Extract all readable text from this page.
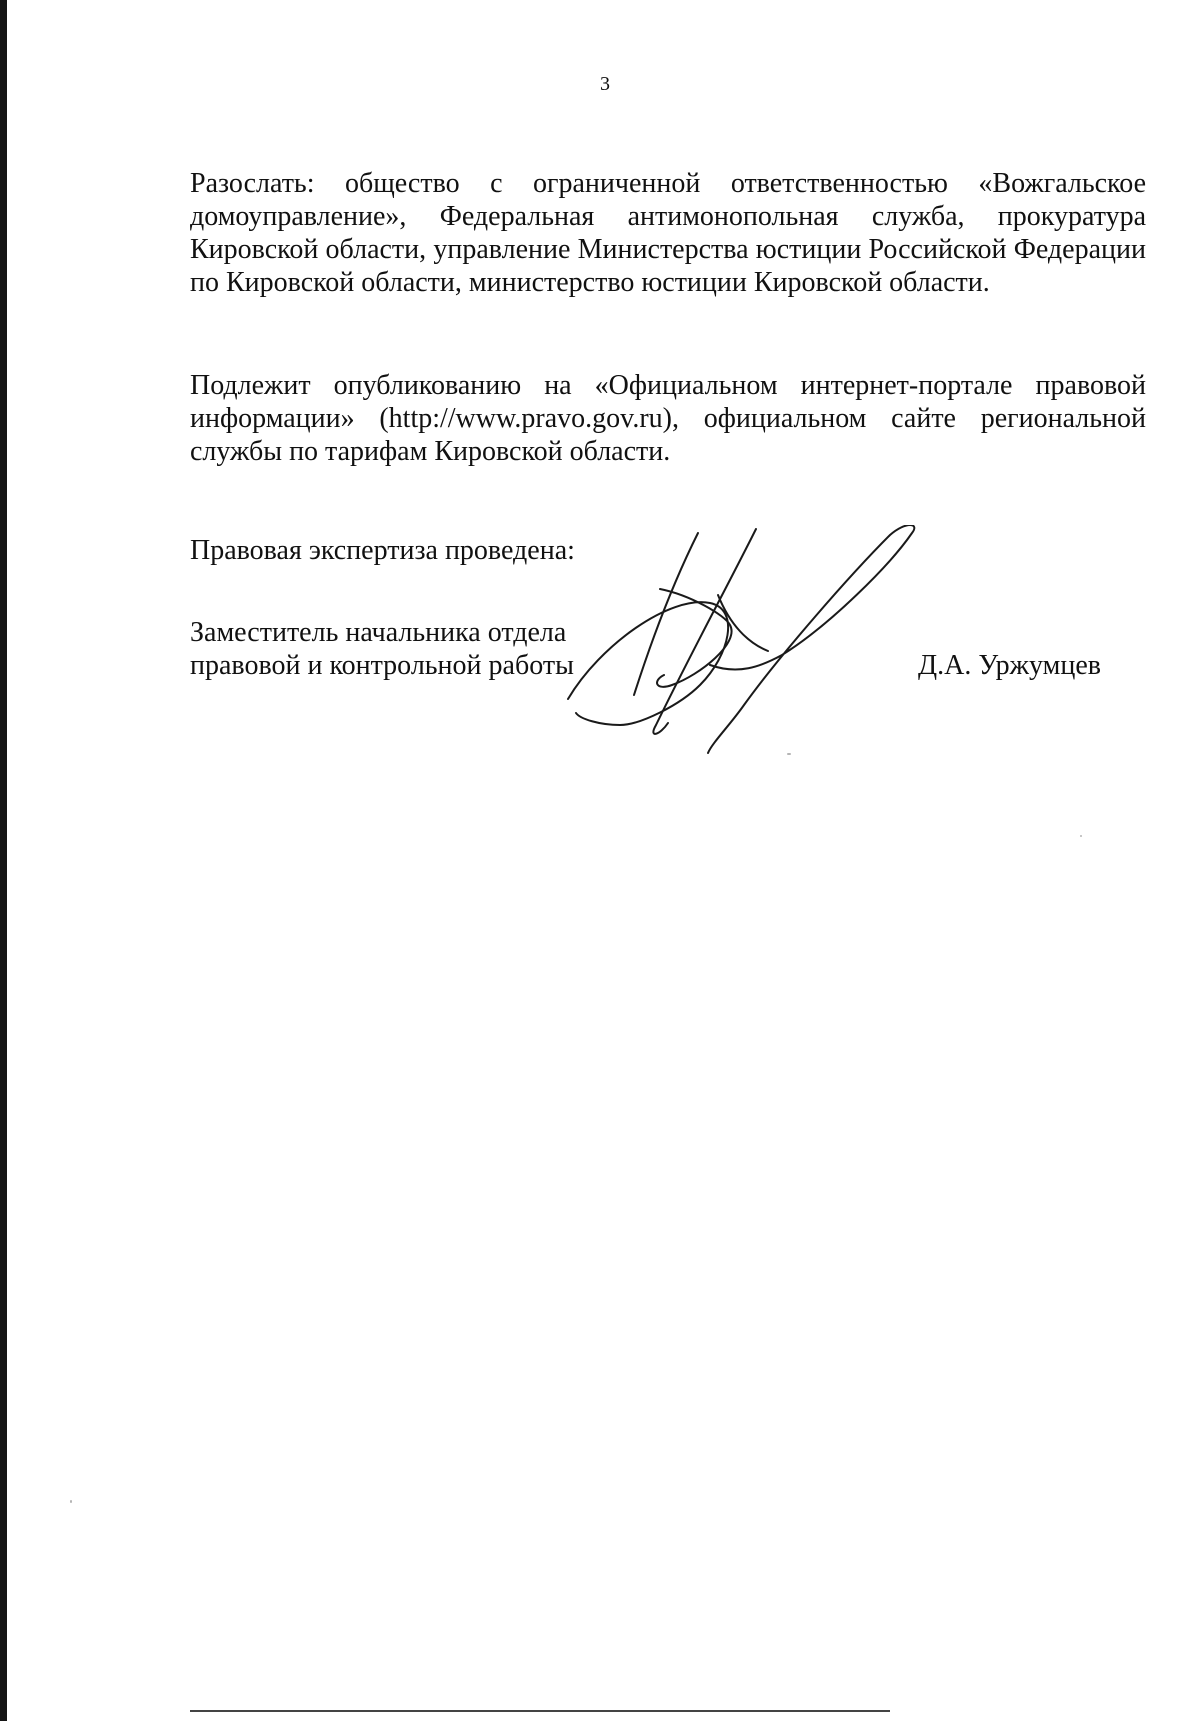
3

Разослать: общество с ограниченной ответственностью «Вожгальское домоуправление», Федеральная антимонопольная служба, прокуратура Кировской области, управление Министерства юстиции Российской Федерации по Кировской области, министерство юстиции Кировской области.

Подлежит опубликованию на «Официальном интернет-портале правовой информации» (http://www.pravo.gov.ru), официальном сайте региональной службы по тарифам Кировской области.

Правовая экспертиза проведена:

Заместитель начальника отдела

правовой и контрольной работы	Д.А. Уржумцев
